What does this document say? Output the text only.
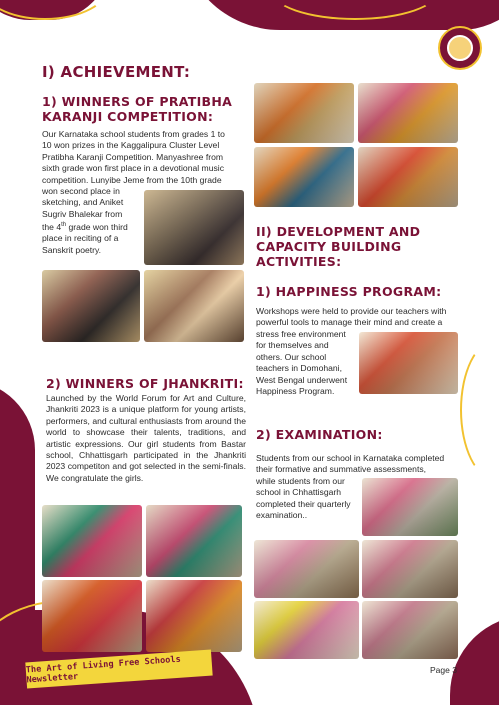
I) ACHIEVEMENT:
1) WINNERS OF PRATIBHA
KARANJI COMPETITION:
Our Karnataka school students from grades 1 to
10 won prizes in the Kaggalipura Cluster Level
Pratibha Karanji Competition. Manyashree from
sixth grade won first place in a devotional music
competition. Lunyibe Jeme from the 10th grade
won second place in
sketching, and Aniket
Sugriv Bhalekar from
the 4th grade won third
place in reciting of a
Sanskrit poetry.
2) WINNERS OF JHANKRITI:
Launched by the World Forum for Art and Culture, Jhankriti 2023 is a unique platform for young artists, performers, and cultural enthusiasts from around the world to showcase their talents, traditions, and artistic expressions. Our girl students from Bastar school, Chhattisgarh participated in the Jhankriti 2023 competiton and got selected in the semi-finals. We congratulate the girls.
II) DEVELOPMENT AND
CAPACITY BUILDING
ACTIVITIES:
1) HAPPINESS PROGRAM:
Workshops were held to provide our teachers with
powerful tools to manage their mind and create a
stress free environment
for themselves and
others. Our school
teachers in Domohani,
West Bengal underwent
Happiness Program.
2) EXAMINATION:
Students from our school in Karnataka completed
their formative and summative assessments,
while students from our
school in Chhattisgarh
completed their quarterly
examination..
The Art of Living Free Schools Newsletter
Page 3
